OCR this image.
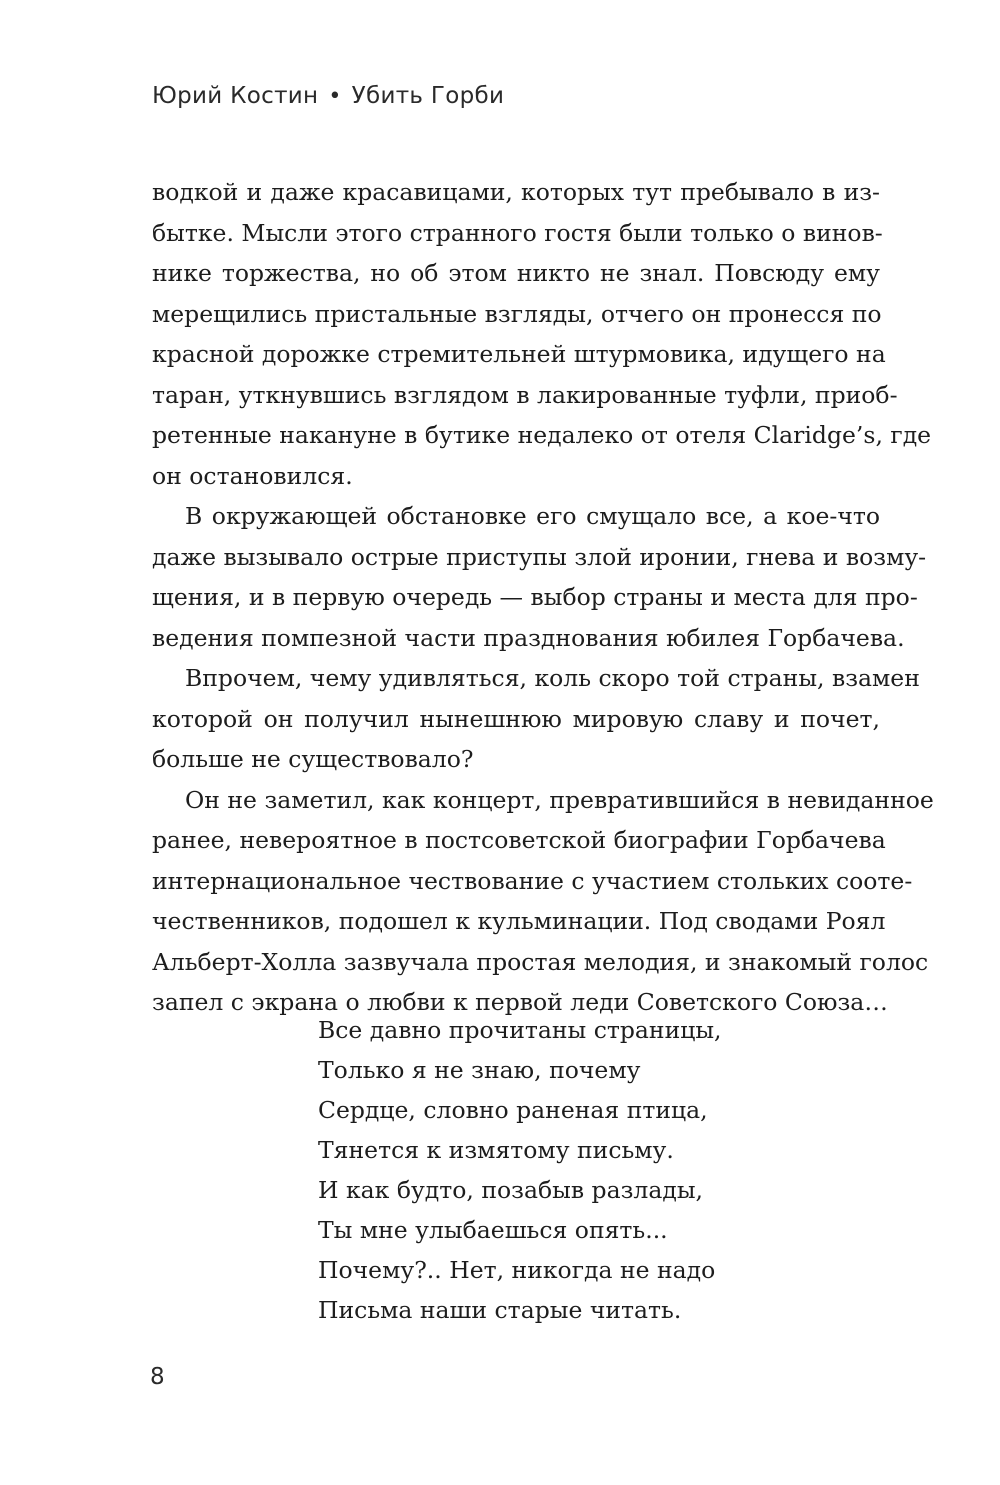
Юрий Костин • Убить Горби
водкой и даже красавицами, которых тут пребывало в из-
бытке. Мысли этого странного гостя были только о винов-
нике торжества, но об этом никто не знал. Повсюду ему
мерещились пристальные взгляды, отчего он пронесся по
красной дорожке стремительней штурмовика, идущего на
таран, уткнувшись взглядом в лакированные туфли, приоб-
ретенные накануне в бутике недалеко от отеля Claridge’s, где
он остановился.
В окружающей обстановке его смущало все, а кое-что
даже вызывало острые приступы злой иронии, гнева и возму-
щения, и в первую очередь — выбор страны и места для про-
ведения помпезной части празднования юбилея Горбачева.
Впрочем, чему удивляться, коль скоро той страны, взамен
которой он получил нынешнюю мировую славу и почет,
больше не существовало?
Он не заметил, как концерт, превратившийся в невиданное
ранее, невероятное в постсоветской биографии Горбачева
интернациональное чествование с участием стольких сооте-
чественников, подошел к кульминации. Под сводами Роял
Альберт-Холла зазвучала простая мелодия, и знакомый голос
запел с экрана о любви к первой леди Советского Союза…
Все давно прочитаны страницы,
Только я не знаю, почему
Сердце, словно раненая птица,
Тянется к измятому письму.
И как будто, позабыв разлады,
Ты мне улыбаешься опять...
Почему?.. Нет, никогда не надо
Письма наши старые читать.
8
